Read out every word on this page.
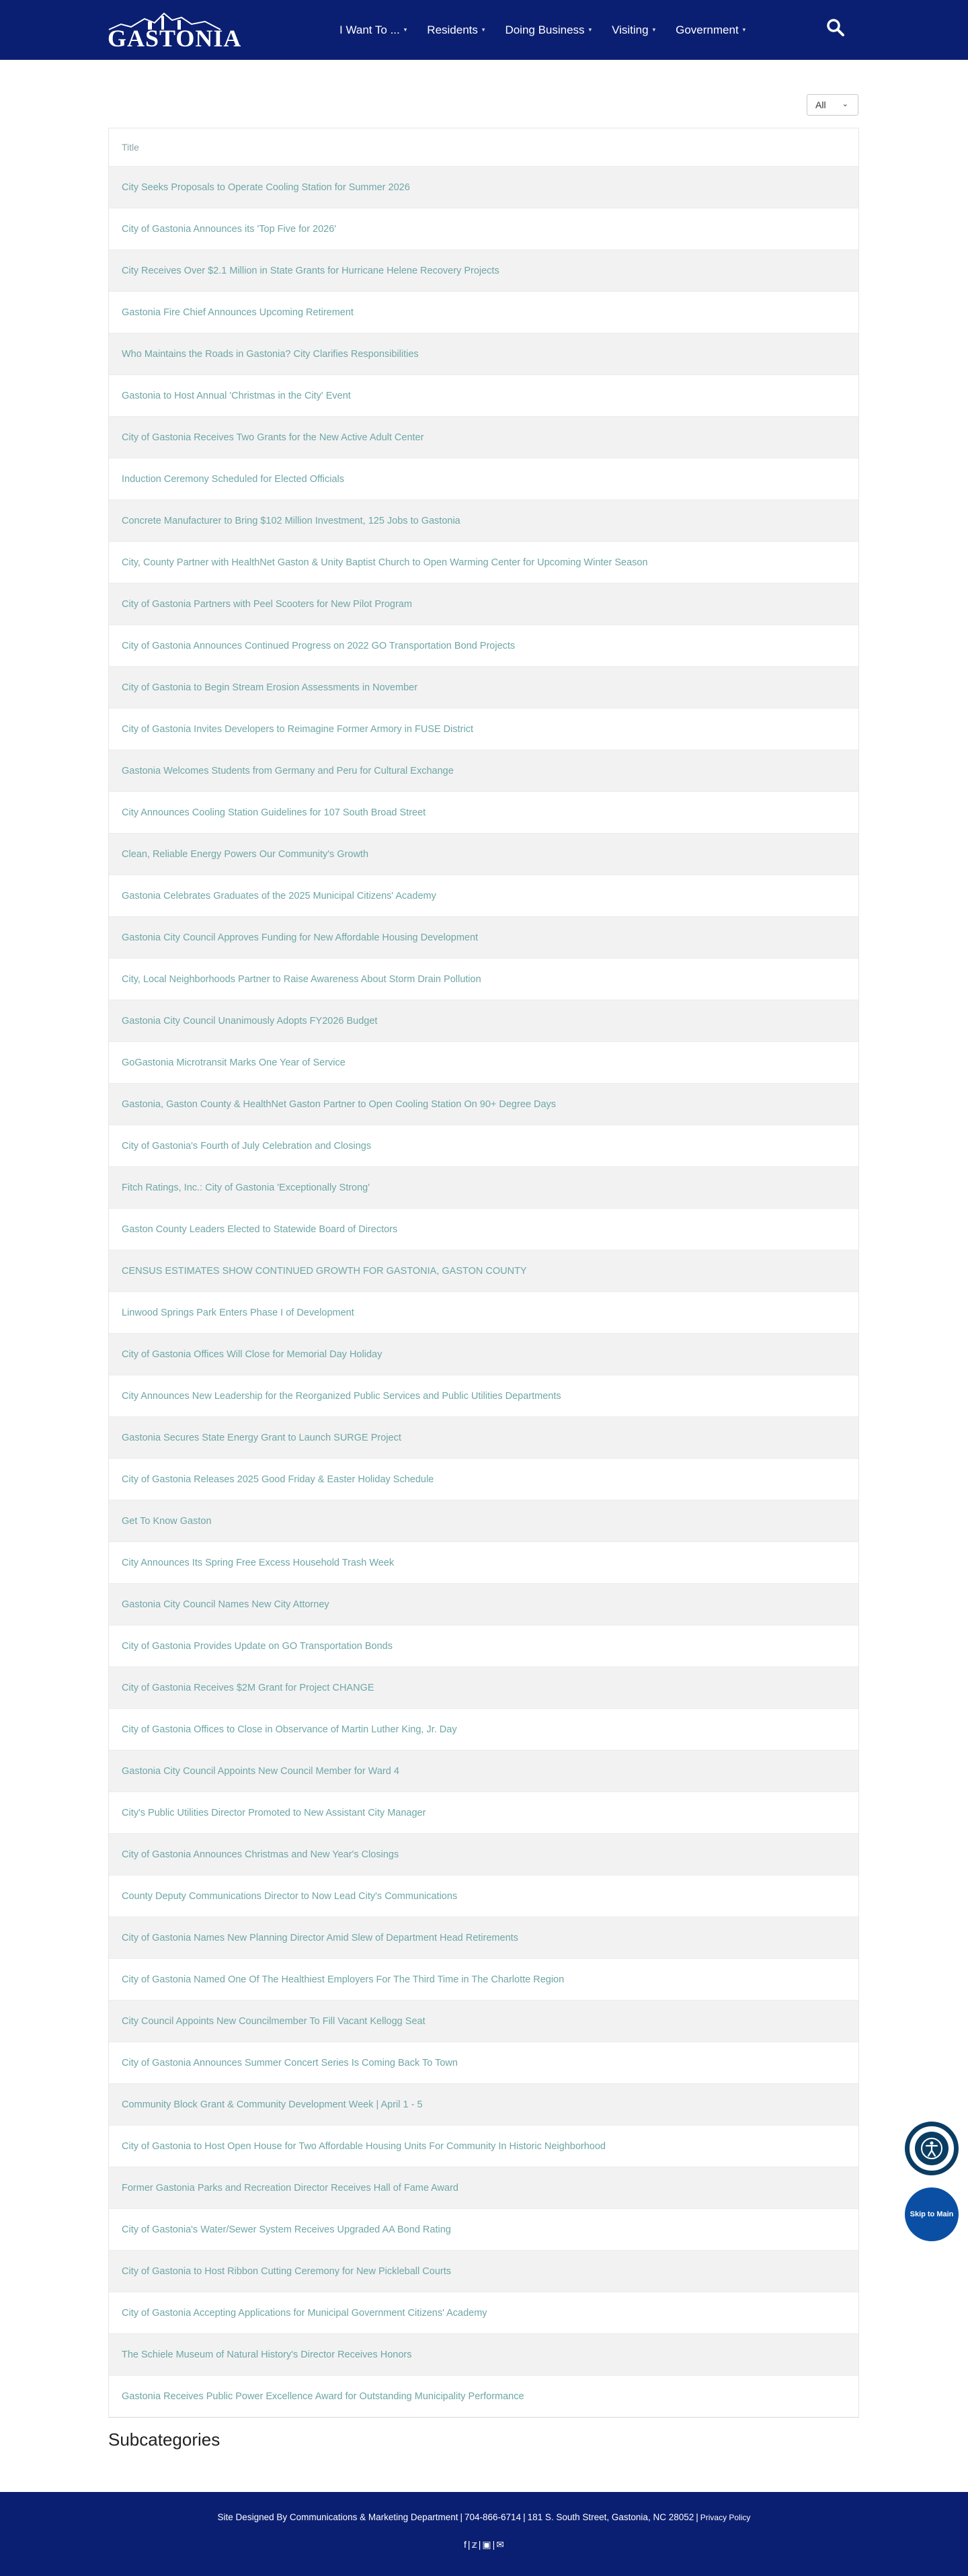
GASTONIA	I Want To ... ▾ Residents ▾ Doing Business ▾ Visiting ▾ Government ▾
All ⌄
Title
City Seeks Proposals to Operate Cooling Station for Summer 2026
City of Gastonia Announces its 'Top Five for 2026'
City Receives Over $2.1 Million in State Grants for Hurricane Helene Recovery Projects
Gastonia Fire Chief Announces Upcoming Retirement
Who Maintains the Roads in Gastonia? City Clarifies Responsibilities
Gastonia to Host Annual 'Christmas in the City' Event
City of Gastonia Receives Two Grants for the New Active Adult Center
Induction Ceremony Scheduled for Elected Officials
Concrete Manufacturer to Bring $102 Million Investment, 125 Jobs to Gastonia
City, County Partner with HealthNet Gaston & Unity Baptist Church to Open Warming Center for Upcoming Winter Season
City of Gastonia Partners with Peel Scooters for New Pilot Program
City of Gastonia Announces Continued Progress on 2022 GO Transportation Bond Projects
City of Gastonia to Begin Stream Erosion Assessments in November
City of Gastonia Invites Developers to Reimagine Former Armory in FUSE District
Gastonia Welcomes Students from Germany and Peru for Cultural Exchange
City Announces Cooling Station Guidelines for 107 South Broad Street
Clean, Reliable Energy Powers Our Community's Growth
Gastonia Celebrates Graduates of the 2025 Municipal Citizens' Academy
Gastonia City Council Approves Funding for New Affordable Housing Development
City, Local Neighborhoods Partner to Raise Awareness About Storm Drain Pollution
Gastonia City Council Unanimously Adopts FY2026 Budget
GoGastonia Microtransit Marks One Year of Service
Gastonia, Gaston County & HealthNet Gaston Partner to Open Cooling Station On 90+ Degree Days
City of Gastonia's Fourth of July Celebration and Closings
Fitch Ratings, Inc.: City of Gastonia 'Exceptionally Strong'
Gaston County Leaders Elected to Statewide Board of Directors
CENSUS ESTIMATES SHOW CONTINUED GROWTH FOR GASTONIA, GASTON COUNTY
Linwood Springs Park Enters Phase I of Development
City of Gastonia Offices Will Close for Memorial Day Holiday
City Announces New Leadership for the Reorganized Public Services and Public Utilities Departments
Gastonia Secures State Energy Grant to Launch SURGE Project
City of Gastonia Releases 2025 Good Friday & Easter Holiday Schedule
Get To Know Gaston
City Announces Its Spring Free Excess Household Trash Week
Gastonia City Council Names New City Attorney
City of Gastonia Provides Update on GO Transportation Bonds
City of Gastonia Receives $2M Grant for Project CHANGE
City of Gastonia Offices to Close in Observance of Martin Luther King, Jr. Day
Gastonia City Council Appoints New Council Member for Ward 4
City's Public Utilities Director Promoted to New Assistant City Manager
City of Gastonia Announces Christmas and New Year's Closings
County Deputy Communications Director to Now Lead City's Communications
City of Gastonia Names New Planning Director Amid Slew of Department Head Retirements
City of Gastonia Named One Of The Healthiest Employers For The Third Time in The Charlotte Region
City Council Appoints New Councilmember To Fill Vacant Kellogg Seat
City of Gastonia Announces Summer Concert Series Is Coming Back To Town
Community Block Grant & Community Development Week | April 1 - 5
City of Gastonia to Host Open House for Two Affordable Housing Units For Community In Historic Neighborhood
Former Gastonia Parks and Recreation Director Receives Hall of Fame Award
City of Gastonia's Water/Sewer System Receives Upgraded AA Bond Rating
City of Gastonia to Host Ribbon Cutting Ceremony for New Pickleball Courts
City of Gastonia Accepting Applications for Municipal Government Citizens' Academy
The Schiele Museum of Natural History's Director Receives Honors
Gastonia Receives Public Power Excellence Award for Outstanding Municipality Performance
Subcategories
Skip to Main
Site Designed By Communications & Marketing Department | 704-866-6714 | 181 S. South Street, Gastonia, NC 28052 | Privacy Policy
f | 𝕫 | ▣ | ✉
